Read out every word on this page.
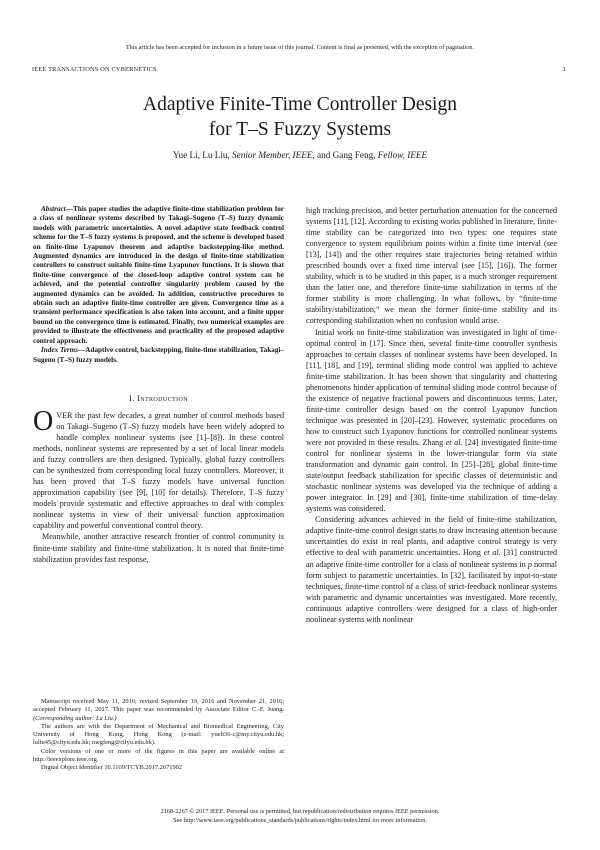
This article has been accepted for inclusion in a future issue of this journal. Content is final as presented, with the exception of pagination.
IEEE TRANSACTIONS ON CYBERNETICS	1
Adaptive Finite-Time Controller Design
for T–S Fuzzy Systems
Yue Li, Lu Liu, Senior Member, IEEE, and Gang Feng, Fellow, IEEE

Abstract—This paper studies the adaptive finite-time stabilization problem for a class of nonlinear systems described by Takagi–Sugeno (T–S) fuzzy dynamic models with parametric uncertainties. A novel adaptive state feedback control scheme for the T–S fuzzy systems is proposed, and the scheme is developed based on finite-time Lyapunov theorem and adaptive backstepping-like method. Augmented dynamics are introduced in the design of finite-time stabilization controllers to construct suitable finite-time Lyapunov functions. It is shown that finite-time convergence of the closed-loop adaptive control system can be achieved, and the potential controller singularity problem caused by the augmented dynamics can be avoided. In addition, constructive procedures to obtain such an adaptive finite-time controller are given. Convergence time as a transient performance specification is also taken into account, and a finite upper bound on the convergence time is estimated. Finally, two numerical examples are provided to illustrate the effectiveness and practicality of the proposed adaptive control approach.

Index Terms—Adaptive control, backstepping, finite-time stabilization, Takagi–Sugeno (T–S) fuzzy models.

I. Introduction

OVER the past few decades, a great number of control methods based on Takagi–Sugeno (T–S) fuzzy models have been widely adopted to handle complex nonlinear systems (see [1]–[8]). In these control methods, nonlinear systems are represented by a set of local linear models and fuzzy controllers are then designed. Typically, global fuzzy controllers can be synthesized from corresponding local fuzzy controllers. Moreover, it has been proved that T–S fuzzy models have universal function approximation capability (see [9], [10] for details). Therefore, T–S fuzzy models provide systematic and effective approaches to deal with complex nonlinear systems in view of their universal function approximation capability and powerful conventional control theory.

Meanwhile, another attractive research frontier of control community is finite-time stability and finite-time stabilization. It is noted that finite-time stabilization provides fast response,

Manuscript received May 11, 2016; revised September 19, 2016 and November 21, 2016; accepted February 11, 2017. This paper was recommended by Associate Editor C.-F. Juang. (Corresponding author: Lu Liu.)

The authors are with the Department of Mechanical and Biomedical Engineering, City University of Hong Kong, Hong Kong (e-mail: yueli36-c@my.cityu.edu.hk; luliu45@cityu.edu.hk; megfeng@cityu.edu.hk).

Color versions of one or more of the figures in this paper are available online at http://ieeexplore.ieee.org.

Digital Object Identifier 10.1109/TCYB.2017.2671902

high tracking precision, and better perturbation attenuation for the concerned systems [11], [12]. According to existing works published in literature, finite-time stability can be categorized into two types: one requires state convergence to system equilibrium points within a finite time interval (see [13], [14]) and the other requires state trajectories being retained within prescribed bounds over a fixed time interval (see [15], [16]). The former stability, which is to be studied in this paper, is a much stronger requirement than the latter one, and therefore finite-time stabilization in terms of the former stability is more challenging. In what follows, by “finite-time stability/stabilization,” we mean the former finite-time stability and its corresponding stabilization when no confusion would arise.

Initial work on finite-time stabilization was investigated in light of time-optimal control in [17]. Since then, several finite-time controller synthesis approaches to certain classes of nonlinear systems have been developed. In [11], [18], and [19], terminal sliding mode control was applied to achieve finite-time stabilization. It has been shown that singularity and chattering phenomenons hinder application of terminal sliding mode control because of the existence of negative fractional powers and discontinuous terms. Later, finite-time controller design based on the control Lyapunov function technique was presented in [20]–[23]. However, systematic procedures on how to construct such Lyapunov functions for controlled nonlinear systems were not provided in these results. Zhang et al. [24] investigated finite-time control for nonlinear systems in the lower-triangular form via state transformation and dynamic gain control. In [25]–[28], global finite-time state/output feedback stabilization for specific classes of deterministic and stochastic nonlinear systems was developed via the technique of adding a power integrator. In [29] and [30], finite-time stabilization of time-delay systems was considered.

Considering advances achieved in the field of finite-time stabilization, adaptive finite-time control design starts to draw increasing attention because uncertainties do exist in real plants, and adaptive control strategy is very effective to deal with parametric uncertainties. Hong et al. [31] constructed an adaptive finite-time controller for a class of nonlinear systems in p normal form subject to parametric uncertainties. In [32], facilitated by input-to-state techniques, finite-time control of a class of strict-feedback nonlinear systems with parametric and dynamic uncertainties was investigated. More recently, continuous adaptive controllers were designed for a class of high-order nonlinear systems with nonlinear

2168-2267 © 2017 IEEE. Personal use is permitted, but republication/redistribution requires IEEE permission.
See http://www.ieee.org/publications_standards/publications/rights/index.html for more information.
